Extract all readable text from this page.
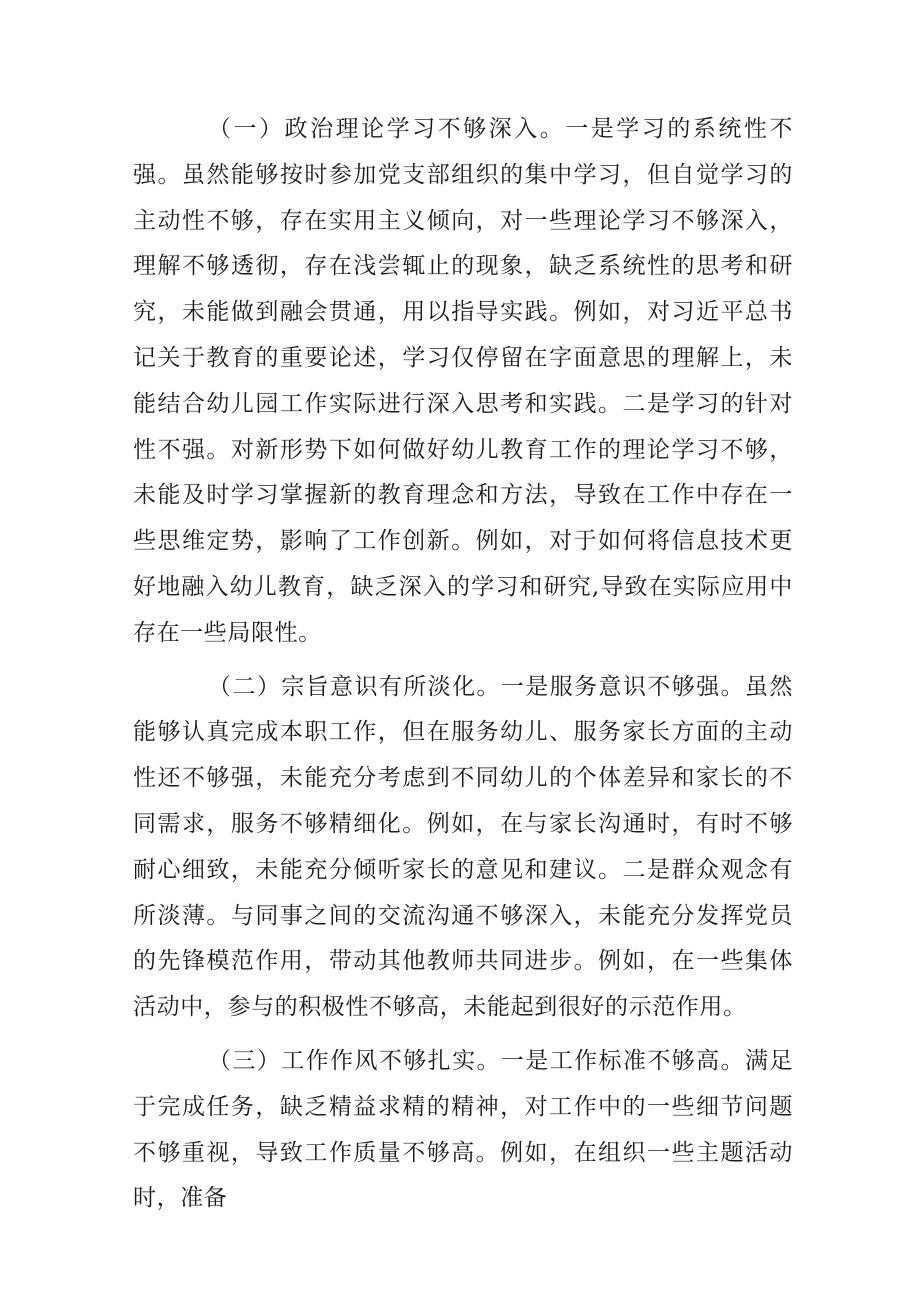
（一）政治理论学习不够深入。一是学习的系统性不强。虽然能够按时参加党支部组织的集中学习，但自觉学习的主动性不够，存在实用主义倾向，对一些理论学习不够深入，理解不够透彻，存在浅尝辄止的现象，缺乏系统性的思考和研究，未能做到融会贯通，用以指导实践。例如，对习近平总书记关于教育的重要论述，学习仅停留在字面意思的理解上，未能结合幼儿园工作实际进行深入思考和实践。二是学习的针对性不强。对新形势下如何做好幼儿教育工作的理论学习不够，未能及时学习掌握新的教育理念和方法，导致在工作中存在一些思维定势，影响了工作创新。例如，对于如何将信息技术更好地融入幼儿教育，缺乏深入的学习和研究,导致在实际应用中存在一些局限性。

（二）宗旨意识有所淡化。一是服务意识不够强。虽然能够认真完成本职工作，但在服务幼儿、服务家长方面的主动性还不够强，未能充分考虑到不同幼儿的个体差异和家长的不同需求，服务不够精细化。例如，在与家长沟通时，有时不够耐心细致，未能充分倾听家长的意见和建议。二是群众观念有所淡薄。与同事之间的交流沟通不够深入，未能充分发挥党员的先锋模范作用，带动其他教师共同进步。例如，在一些集体活动中，参与的积极性不够高，未能起到很好的示范作用。

（三）工作作风不够扎实。一是工作标准不够高。满足于完成任务，缺乏精益求精的精神，对工作中的一些细节问题不够重视，导致工作质量不够高。例如，在组织一些主题活动时，准备
